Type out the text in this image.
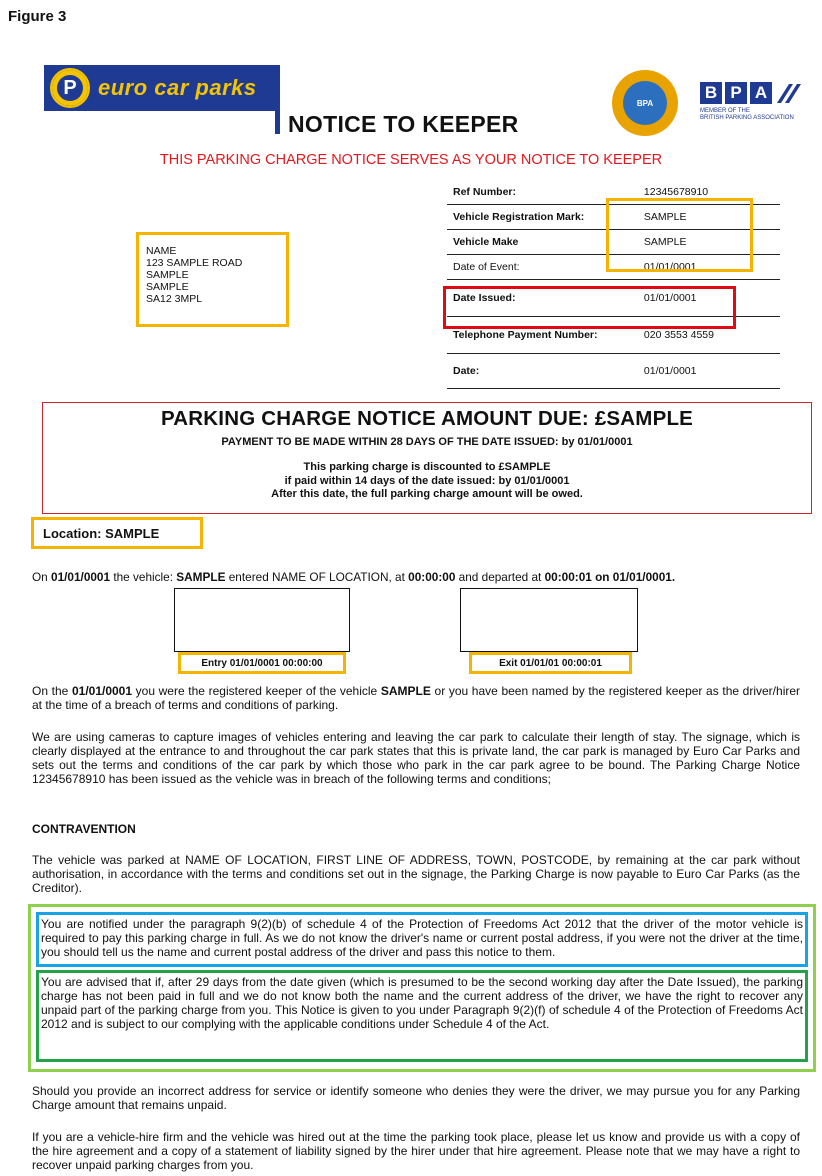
Figure 3
P euro car parks
NOTICE TO KEEPER
BPA
B P A
MEMBER OF THE
BRITISH PARKING ASSOCIATION
THIS PARKING CHARGE NOTICE SERVES AS YOUR NOTICE TO KEEPER
NAME
123 SAMPLE ROAD
SAMPLE
SAMPLE
SA12 3MPL
Ref Number:	12345678910
Vehicle Registration Mark:	SAMPLE
Vehicle Make	SAMPLE
Date of Event:	01/01/0001
Date Issued:	01/01/0001
Telephone Payment Number:	020 3553 4559
Date:	01/01/0001
PARKING CHARGE NOTICE AMOUNT DUE: £SAMPLE
PAYMENT TO BE MADE WITHIN 28 DAYS OF THE DATE ISSUED: by 01/01/0001
This parking charge is discounted to £SAMPLE
if paid within 14 days of the date issued: by 01/01/0001
After this date, the full parking charge amount will be owed.
Location: SAMPLE
On 01/01/0001 the vehicle: SAMPLE entered NAME OF LOCATION, at 00:00:00 and departed at 00:00:01 on 01/01/0001.
Entry 01/01/0001 00:00:00	Exit 01/01/01 00:00:01
On the 01/01/0001 you were the registered keeper of the vehicle SAMPLE or you have been named by the registered keeper as the driver/hirer at the time of a breach of terms and conditions of parking.
We are using cameras to capture images of vehicles entering and leaving the car park to calculate their length of stay. The signage, which is clearly displayed at the entrance to and throughout the car park states that this is private land, the car park is managed by Euro Car Parks and sets out the terms and conditions of the car park by which those who park in the car park agree to be bound. The Parking Charge Notice 12345678910 has been issued as the vehicle was in breach of the following terms and conditions;
CONTRAVENTION
The vehicle was parked at NAME OF LOCATION, FIRST LINE OF ADDRESS, TOWN, POSTCODE, by remaining at the car park without authorisation, in accordance with the terms and conditions set out in the signage, the Parking Charge is now payable to Euro Car Parks (as the Creditor).
You are notified under the paragraph 9(2)(b) of schedule 4 of the Protection of Freedoms Act 2012 that the driver of the motor vehicle is required to pay this parking charge in full. As we do not know the driver's name or current postal address, if you were not the driver at the time, you should tell us the name and current postal address of the driver and pass this notice to them.
You are advised that if, after 29 days from the date given (which is presumed to be the second working day after the Date Issued), the parking charge has not been paid in full and we do not know both the name and the current address of the driver, we have the right to recover any unpaid part of the parking charge from you. This Notice is given to you under Paragraph 9(2)(f) of schedule 4 of the Protection of Freedoms Act 2012 and is subject to our complying with the applicable conditions under Schedule 4 of the Act.
Should you provide an incorrect address for service or identify someone who denies they were the driver, we may pursue you for any Parking Charge amount that remains unpaid.
If you are a vehicle-hire firm and the vehicle was hired out at the time the parking took place, please let us know and provide us with a copy of the hire agreement and a copy of a statement of liability signed by the hirer under that hire agreement. Please note that we may have a right to recover unpaid parking charges from you.
